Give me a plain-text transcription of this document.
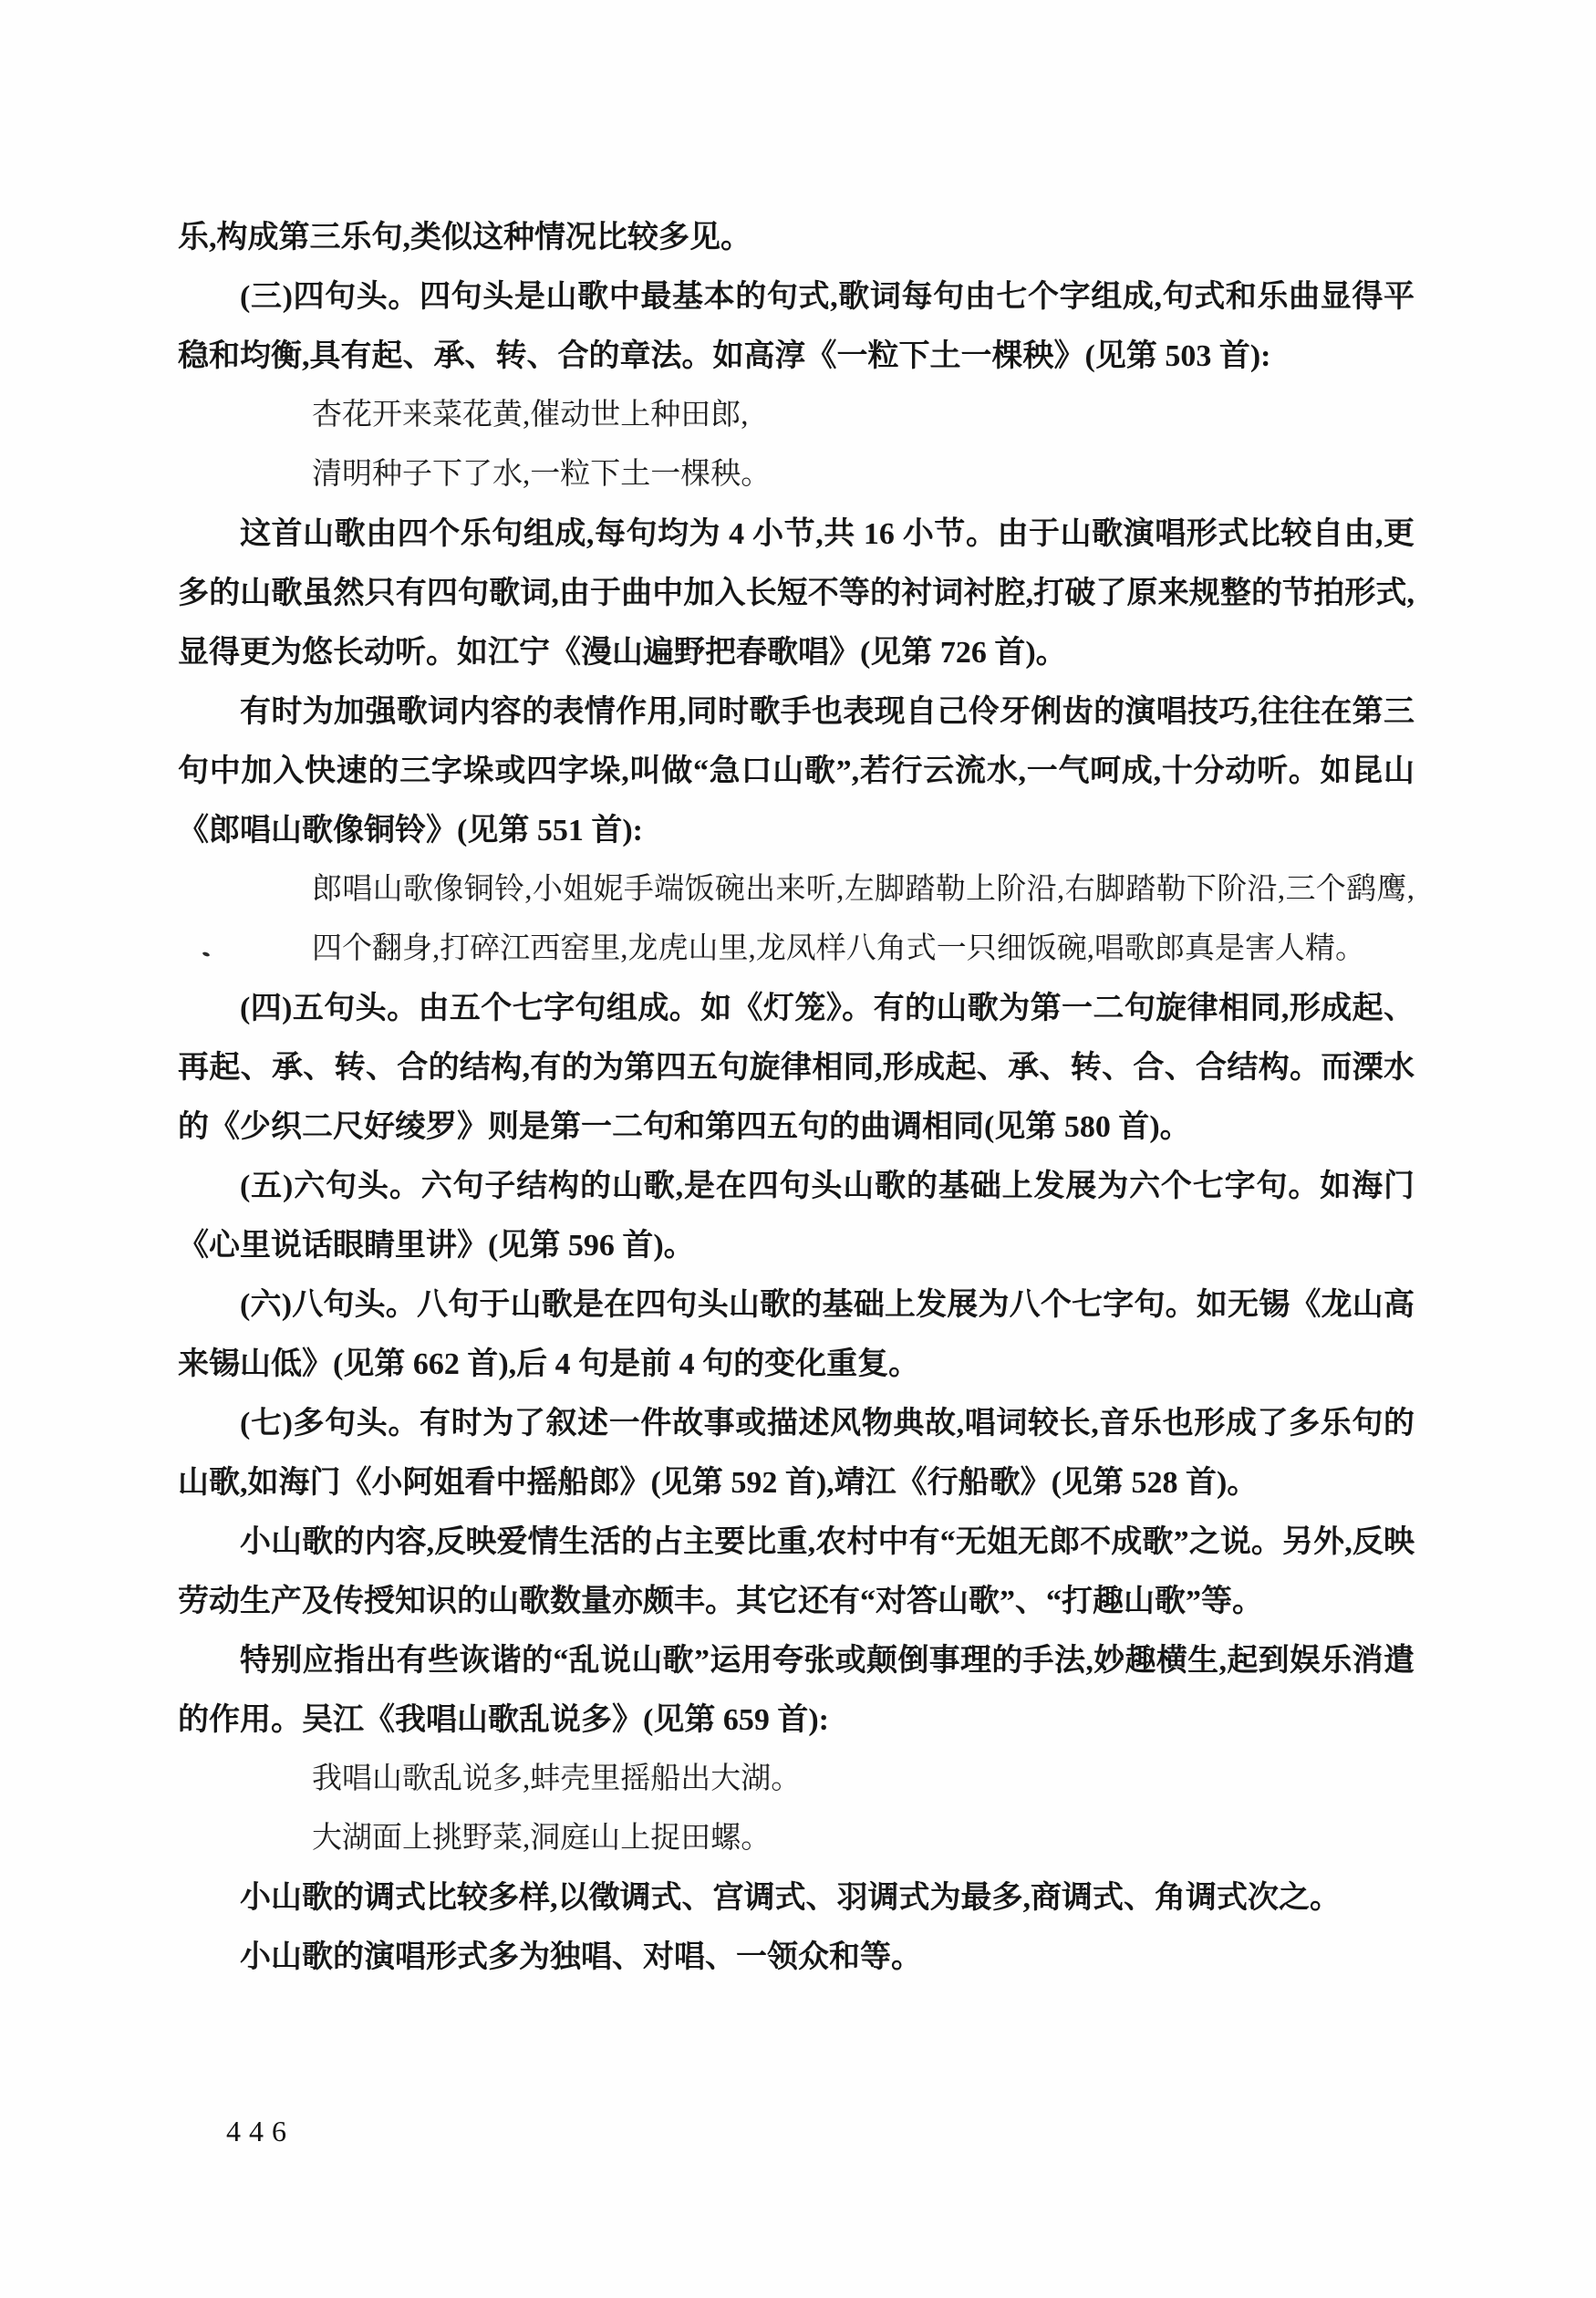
乐,构成第三乐句,类似这种情况比较多见。

(三)四句头。四句头是山歌中最基本的句式,歌词每句由七个字组成,句式和乐曲显得平稳和均衡,具有起、承、转、合的章法。如高淳《一粒下土一棵秧》(见第 503 首):

杏花开来菜花黄,催动世上种田郎,
清明种子下了水,一粒下土一棵秧。

这首山歌由四个乐句组成,每句均为 4 小节,共 16 小节。由于山歌演唱形式比较自由,更多的山歌虽然只有四句歌词,由于曲中加入长短不等的衬词衬腔,打破了原来规整的节拍形式,显得更为悠长动听。如江宁《漫山遍野把春歌唱》(见第 726 首)。

有时为加强歌词内容的表情作用,同时歌手也表现自己伶牙俐齿的演唱技巧,往往在第三句中加入快速的三字垛或四字垛,叫做“急口山歌”,若行云流水,一气呵成,十分动听。如昆山《郎唱山歌像铜铃》(见第 551 首):

郎唱山歌像铜铃,小姐妮手端饭碗出来听,左脚踏勒上阶沿,右脚踏勒下阶沿,三个鹞鹰,四个翻身,打碎江西窑里,龙虎山里,龙凤样八角式一只细饭碗,唱歌郎真是害人精。

(四)五句头。由五个七字句组成。如《灯笼》。有的山歌为第一二句旋律相同,形成起、再起、承、转、合的结构,有的为第四五句旋律相同,形成起、承、转、合、合结构。而溧水的《少织二尺好绫罗》则是第一二句和第四五句的曲调相同(见第 580 首)。

(五)六句头。六句子结构的山歌,是在四句头山歌的基础上发展为六个七字句。如海门《心里说话眼睛里讲》(见第 596 首)。

(六)八句头。八句于山歌是在四句头山歌的基础上发展为八个七字句。如无锡《龙山高来锡山低》(见第 662 首),后 4 句是前 4 句的变化重复。

(七)多句头。有时为了叙述一件故事或描述风物典故,唱词较长,音乐也形成了多乐句的山歌,如海门《小阿姐看中摇船郎》(见第 592 首),靖江《行船歌》(见第 528 首)。

小山歌的内容,反映爱情生活的占主要比重,农村中有“无姐无郎不成歌”之说。另外,反映劳动生产及传授知识的山歌数量亦颇丰。其它还有“对答山歌”、“打趣山歌”等。

特别应指出有些诙谐的“乱说山歌”运用夸张或颠倒事理的手法,妙趣横生,起到娱乐消遣的作用。吴江《我唱山歌乱说多》(见第 659 首):

我唱山歌乱说多,蚌壳里摇船出大湖。
大湖面上挑野菜,洞庭山上捉田螺。

小山歌的调式比较多样,以徵调式、宫调式、羽调式为最多,商调式、角调式次之。

小山歌的演唱形式多为独唱、对唱、一领众和等。

446
